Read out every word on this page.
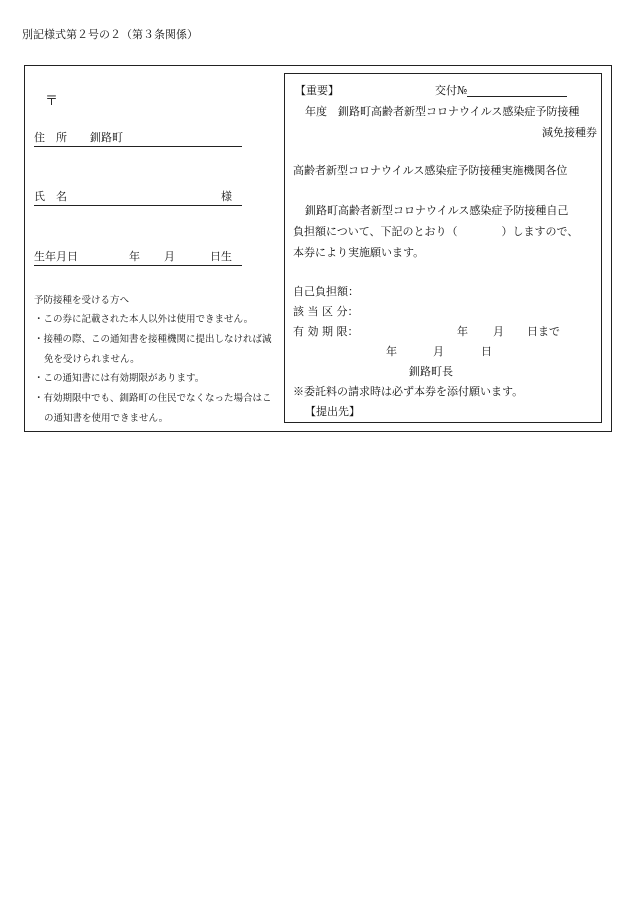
別記様式第２号の２（第３条関係）
〒
住　所 釧路町
氏　名	様
生年月日	年 月	日生
予防接種を受ける方へ
・この券に記載された本人以外は使用できません。
・接種の際、この通知書を接種機関に提出しなければ減免を受けられません。
・この通知書には有効期限があります。
・有効期限中でも、釧路町の住民でなくなった場合はこの通知書を使用できません。
【重要】	交付№
年度　釧路町高齢者新型コロナウイルス感染症予防接種
減免接種券
高齢者新型コロナウイルス感染症予防接種実施機関各位
釧路町高齢者新型コロナウイルス感染症予防接種自己
負担額について、下記のとおり（　　　　）しますので、
本券により実施願います。
自己負担額：
該 当 区 分：
有 効 期 限：	年 月 日まで
年	月	日
釧路町長
※委託料の請求時は必ず本券を添付願います。
【提出先】
